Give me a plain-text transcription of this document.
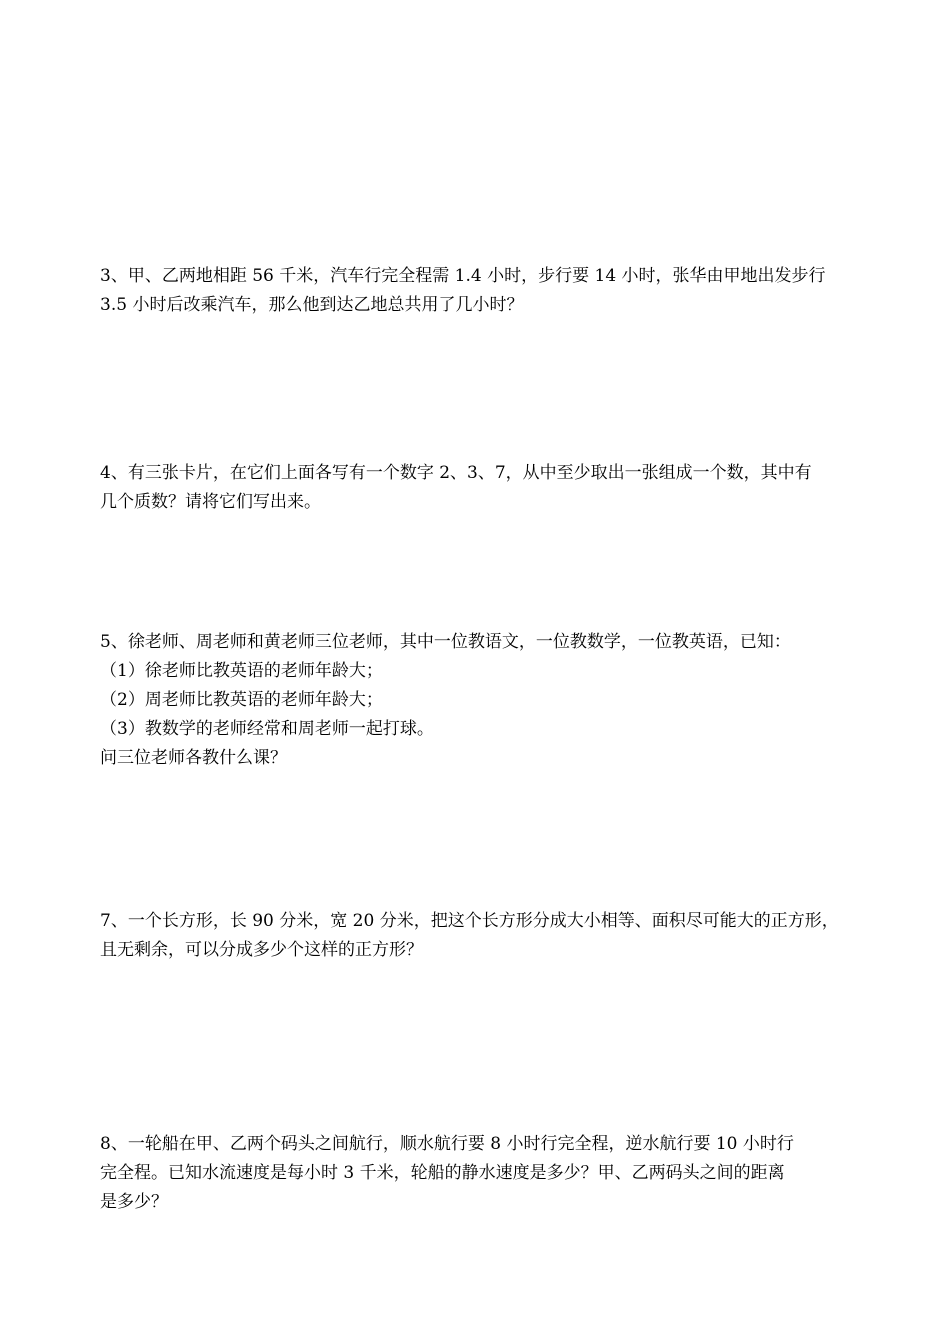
3、甲、乙两地相距 56 千米，汽车行完全程需 1.4 小时，步行要 14 小时，张华由甲地出发步行
3.5 小时后改乘汽车，那么他到达乙地总共用了几小时？
4、有三张卡片，在它们上面各写有一个数字 2、3、7，从中至少取出一张组成一个数，其中有
几个质数？请将它们写出来。
5、徐老师、周老师和黄老师三位老师，其中一位教语文，一位教数学，一位教英语，已知：
（1）徐老师比教英语的老师年龄大；
（2）周老师比教英语的老师年龄大；
（3）教数学的老师经常和周老师一起打球。
问三位老师各教什么课？
7、一个长方形，长 90 分米，宽 20 分米，把这个长方形分成大小相等、面积尽可能大的正方形，
且无剩余，可以分成多少个这样的正方形？
8、一轮船在甲、乙两个码头之间航行，顺水航行要 8 小时行完全程，逆水航行要 10 小时行
完全程。已知水流速度是每小时 3 千米，轮船的静水速度是多少？甲、乙两码头之间的距离
是多少？
